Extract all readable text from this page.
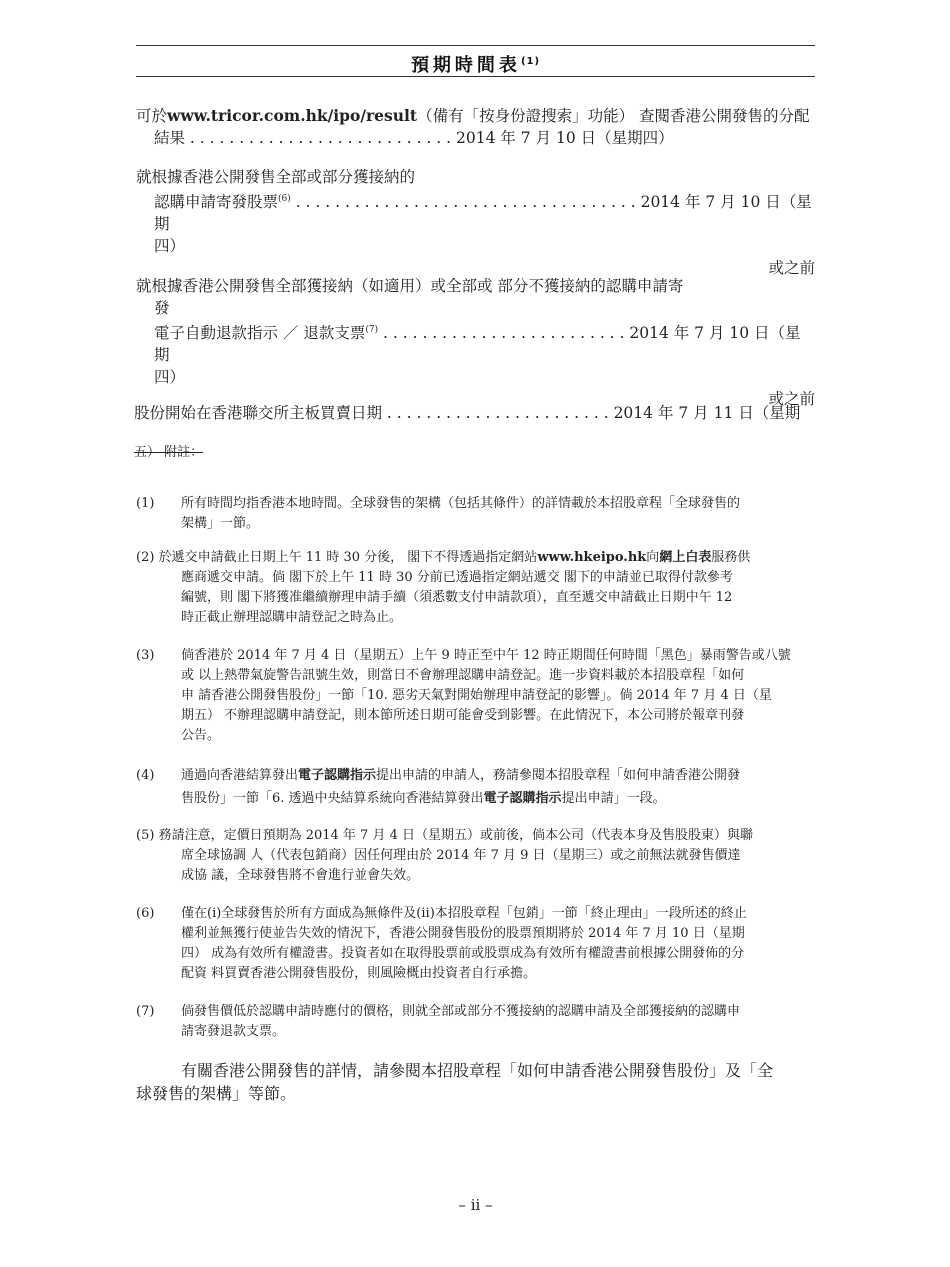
預期時間表$^{(1)}$
可於www.tricor.com.hk/ipo/result（備有「按身份證搜索」功能） 查閱香港公開發售的分配
結果 . . . . . . . . . . . . . . . . . . . . . . . . . . . 2014 年 7 月 10 日（星期四）
就根據香港公開發售全部或部分獲接納的
認購申請寄發股票$^{(6)}$ . . . . . . . . . . . . . . . . . . . . . . . . . . . . . . . . . . . 2014 年 7 月 10 日（星期
四）
或之前
就根據香港公開發售全部獲接納（如適用）或全部或 部分不獲接納的認購申請寄
發
電子自動退款指示 ／ 退款支票$^{(7)}$ . . . . . . . . . . . . . . . . . . . . . . . . . 2014 年 7 月 10 日（星期
四）
或之前
股份開始在香港聯交所主板買賣日期 . . . . . . . . . . . . . . . . . . . . . . . 2014 年 7 月 11 日（星期
五） 附註：
(1)	所有時間均指香港本地時間。全球發售的架構（包括其條件）的詳情載於本招股章程「全球發售的
架構」一節。
(2) 於遞交申請截止日期上午 11 時 30 分後， 閣下不得透過指定網站www.hkeipo.hk向網上白表服務供
應商遞交申請。倘 閣下於上午 11 時 30 分前已透過指定網站遞交 閣下的申請並已取得付款參考
編號，則 閣下將獲准繼續辦理申請手續（須悉數支付申請款項），直至遞交申請截止日期中午 12
時正截止辦理認購申請登記之時為止。
(3)	倘香港於 2014 年 7 月 4 日（星期五）上午 9 時正至中午 12 時正期間任何時間「黑色」暴雨警告或八號
或 以上熱帶氣旋警告訊號生效，則當日不會辦理認購申請登記。進一步資料載於本招股章程「如何
申 請香港公開發售股份」一節「10. 惡劣天氣對開始辦理申請登記的影響」。倘 2014 年 7 月 4 日（星
期五） 不辦理認購申請登記，則本節所述日期可能會受到影響。在此情況下，本公司將於報章刊發
公告。
(4)	通過向香港結算發出電子認購指示提出申請的申請人，務請參閱本招股章程「如何申請香港公開發
售股份」一節「6. 透過中央結算系統向香港結算發出電子認購指示提出申請」一段。
(5) 務請注意，定價日預期為 2014 年 7 月 4 日（星期五）或前後，倘本公司（代表本身及售股股東）與聯
席全球協調 人（代表包銷商）因任何理由於 2014 年 7 月 9 日（星期三）或之前無法就發售價達
成協 議，全球發售將不會進行並會失效。
(6)	僅在(i)全球發售於所有方面成為無條件及(ii)本招股章程「包銷」一節「終止理由」一段所述的終止
權利並無獲行使並告失效的情況下，香港公開發售股份的股票預期將於 2014 年 7 月 10 日（星期
四） 成為有效所有權證書。投資者如在取得股票前或股票成為有效所有權證書前根據公開發佈的分
配資 料買賣香港公開發售股份，則風險概由投資者自行承擔。
(7)	倘發售價低於認購申請時應付的價格，則就全部或部分不獲接納的認購申請及全部獲接納的認購申
請寄發退款支票。
有關香港公開發售的詳情，請參閱本招股章程「如何申請香港公開發售股份」及「全
球發售的架構」等節。
– ii –
